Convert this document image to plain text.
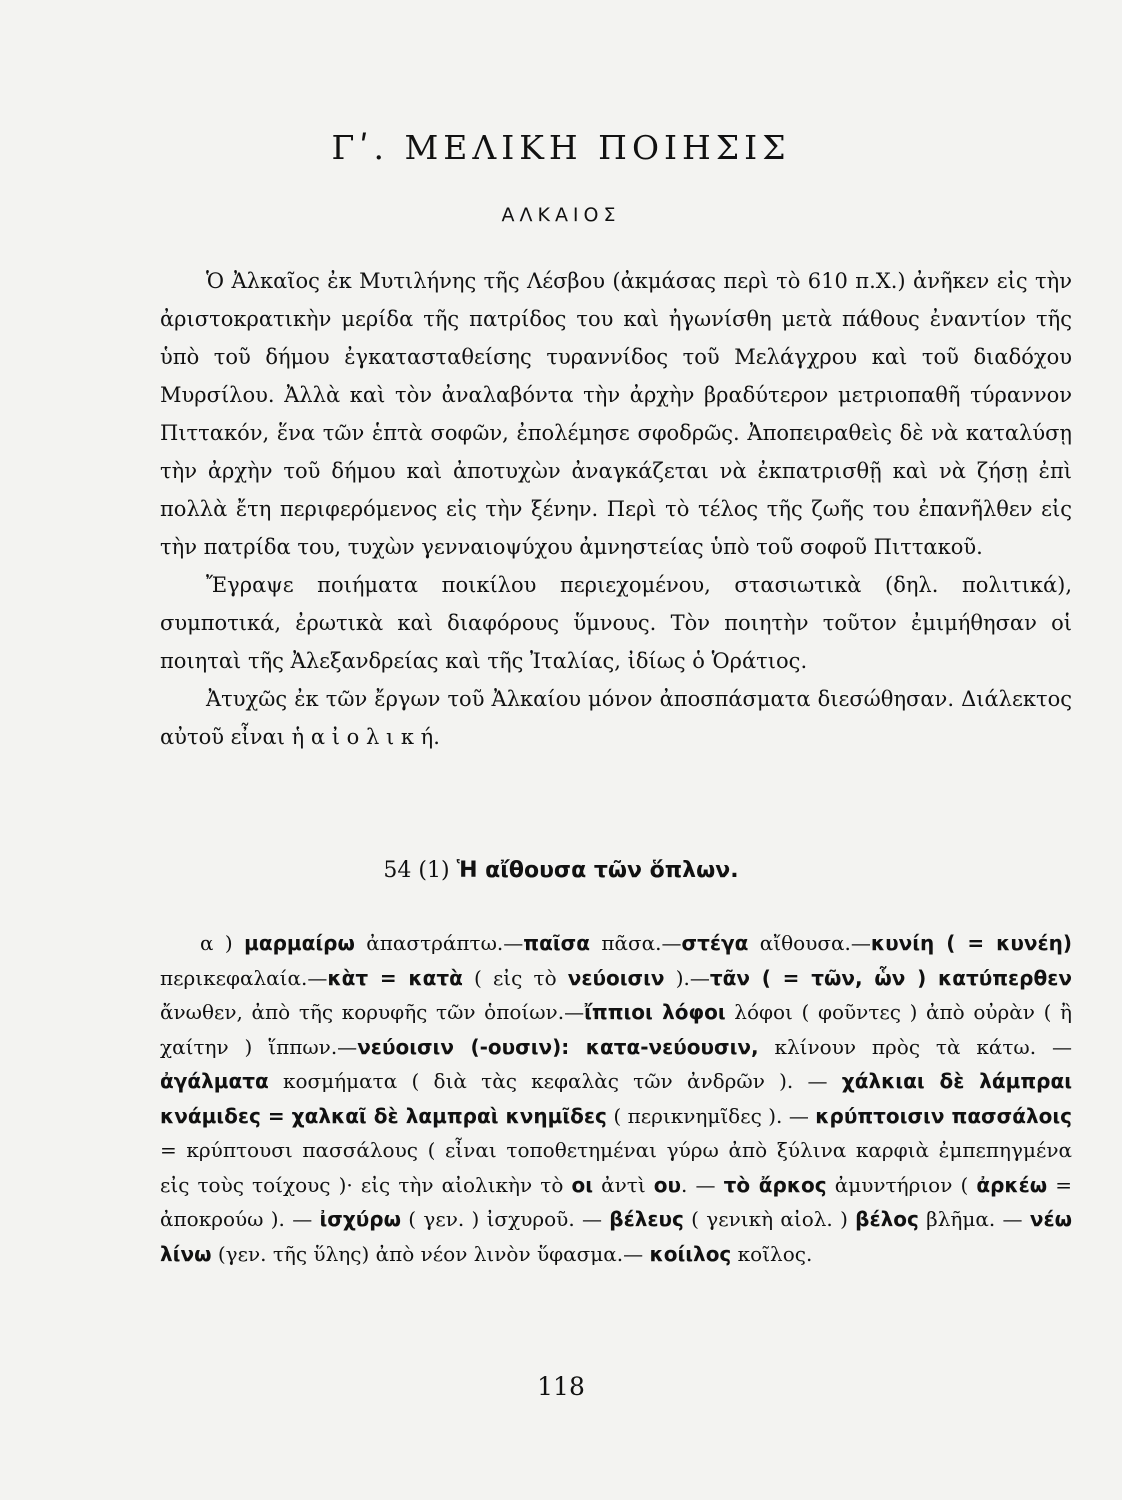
Γʹ. ΜΕΛΙΚΗ ΠΟΙΗΣΙΣ
ΑΛΚΑΙΟΣ

Ὁ Ἀλκαῖος ἐκ Μυτιλήνης τῆς Λέσβου (ἀκμάσας περὶ τὸ 610 π.Χ.) ἀνῆκεν εἰς τὴν ἀριστοκρατικὴν μερίδα τῆς πατρίδος του καὶ ἠγωνίσθη μετὰ πάθους ἐναντίον τῆς ὑπὸ τοῦ δήμου ἐγκατασταθείσης τυραννίδος τοῦ Μελάγχρου καὶ τοῦ διαδόχου Μυρσίλου. Ἀλλὰ καὶ τὸν ἀναλαβόντα τὴν ἀρχὴν βραδύτερον μετριοπαθῆ τύραννον Πιττακόν, ἕνα τῶν ἑπτὰ σοφῶν, ἐπολέμησε σφοδρῶς. Ἀποπειραθεὶς δὲ νὰ καταλύσῃ τὴν ἀρχὴν τοῦ δήμου καὶ ἀποτυχὼν ἀναγκάζεται νὰ ἐκπατρισθῇ καὶ νὰ ζήσῃ ἐπὶ πολλὰ ἔτη περιφερόμενος εἰς τὴν ξένην. Περὶ τὸ τέλος τῆς ζωῆς του ἐπανῆλθεν εἰς τὴν πατρίδα του, τυχὼν γενναιοψύχου ἀμνηστείας ὑπὸ τοῦ σοφοῦ Πιττακοῦ.

Ἔγραψε ποιήματα ποικίλου περιεχομένου, στασιωτικὰ (δηλ. πολιτικά), συμποτικά, ἐρωτικὰ καὶ διαφόρους ὕμνους. Τὸν ποιητὴν τοῦτον ἐμιμήθησαν οἱ ποιηταὶ τῆς Ἀλεξανδρείας καὶ τῆς Ἰταλίας, ἰδίως ὁ Ὁράτιος.

Ἀτυχῶς ἐκ τῶν ἔργων τοῦ Ἀλκαίου μόνον ἀποσπάσματα διεσώθησαν. Διάλεκτος αὐτοῦ εἶναι ἡ α ἰ ο λ ι κ ή.

54 (1) Ἡ αἴθουσα τῶν ὅπλων.

α ) μαρμαίρω ἀπαστράπτω.—παῖσα πᾶσα.—στέγα αἴθουσα.—κυνίη ( = κυνέη) περικεφαλαία.—κὰτ = κατὰ ( εἰς τὸ νεύοισιν ).—τᾶν ( = τῶν, ὧν ) κατύπερθεν ἄνωθεν, ἀπὸ τῆς κορυφῆς τῶν ὁποίων.—ἴππιοι λόφοι λόφοι ( φοῦντες ) ἀπὸ οὐρὰν ( ἢ χαίτην ) ἵππων.—νεύοισιν (-ουσιν): κατα-νεύουσιν, κλίνουν πρὸς τὰ κάτω. — ἀγάλματα κοσμήματα ( διὰ τὰς κεφαλὰς τῶν ἀνδρῶν ). — χάλκιαι δὲ λάμπραι κνάμιδες = χαλκαῖ δὲ λαμπραὶ κνημῖδες ( περικνημῖδες ). — κρύπτοισιν πασσάλοις = κρύπτουσι πασσάλους ( εἶναι τοποθετημέναι γύρω ἀπὸ ξύλινα καρφιὰ ἐμπεπηγμένα εἰς τοὺς τοίχους )· εἰς τὴν αἰολικὴν τὸ οι ἀντὶ ου. — τὸ ἄρκος ἀμυντήριον ( ἀρκέω = ἀποκρούω ). — ἰσχύρω ( γεν. ) ἰσχυροῦ. — βέλευς ( γενικὴ αἰολ. ) βέλος βλῆμα. — νέω λίνω (γεν. τῆς ὕλης) ἀπὸ νέον λινὸν ὕφασμα.— κοίιλος κοῖλος.

118
